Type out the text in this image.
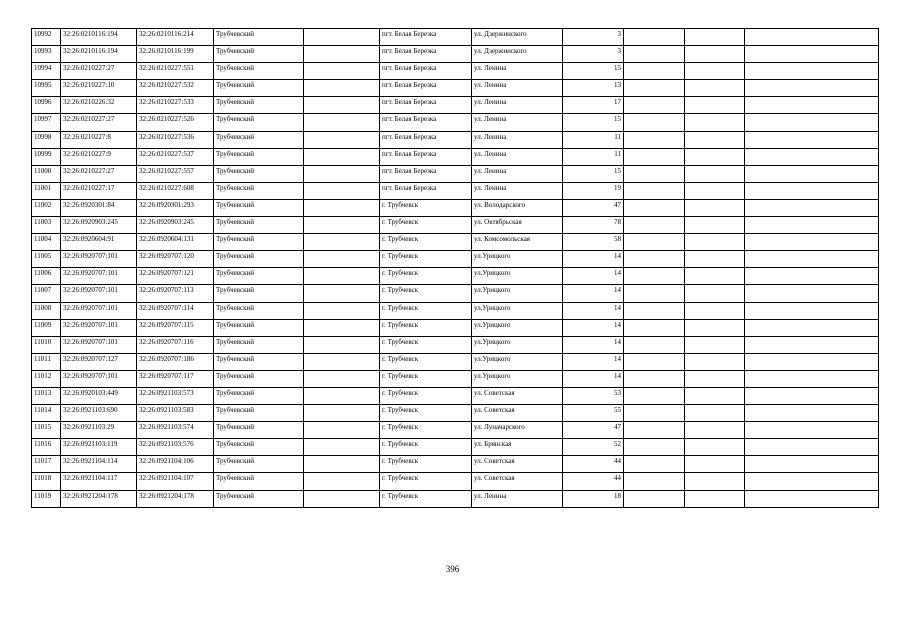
10992	32:26:0210116:194	32:26:0210116:214	Трубчевский		пгт. Белая Березка	ул. Дзержинского	3			
10993	32:26:0210116:194	32:26:0210116:199	Трубчевский		пгт. Белая Березка	ул. Дзержинского	3			
10994	32:26:0210227:27	32:26:0210227:551	Трубчевский		пгт. Белая Березка	ул. Ленина	15			
10995	32:26:0210227:10	32:26:0210227:532	Трубчевский		пгт. Белая Березка	ул. Ленина	13			
10996	32:26:0210226:32	32:26:0210227:533	Трубчевский		пгт. Белая Березка	ул. Ленина	17			
10997	32:26:0210227:27	32:26:0210227:526	Трубчевский		пгт. Белая Березка	ул. Ленина	15			
10998	32:26:0210227:8	32:26:0210227:536	Трубчевский		пгт. Белая Березка	ул. Ленина	11			
10999	32:26:0210227:9	32:26:0210227:537	Трубчевский		пгт. Белая Березка	ул. Ленина	11			
11000	32:26:0210227:27	32:26:0210227:557	Трубчевский		пгт. Белая Березка	ул. Ленина	15			
11001	32:26:0210227:17	32:26:0210227:608	Трубчевский		пгт. Белая Березка	ул. Ленина	19			
11002	32:26:0920301:84	32:26:0920301:293	Трубчевский		г. Трубчевск	ул. Володарского	47			
11003	32:26:0920903:245	32:26:0920903:245	Трубчевский		г. Трубчевск	ул. Октябрьская	78			
11004	32:26:0920604:91	32:26:0920604:131	Трубчевский		г. Трубчевск	ул. Комсомольская	58			
11005	32:26:0920707:101	32:26:0920707:120	Трубчевский		г. Трубчевск	ул.Урицкого	14			
11006	32:26:0920707:101	32:26:0920707:121	Трубчевский		г. Трубчевск	ул.Урицкого	14			
11007	32:26:0920707:101	32:26:0920707:113	Трубчевский		г. Трубчевск	ул.Урицкого	14			
11008	32:26:0920707:101	32:26:0920707:114	Трубчевский		г. Трубчевск	ул.Урицкого	14			
11009	32:26:0920707:101	32:26:0920707:115	Трубчевский		г. Трубчевск	ул.Урицкого	14			
11010	32:26:0920707:101	32:26:0920707:116	Трубчевский		г. Трубчевск	ул.Урицкого	14			
11011	32:26:0920707:127	32:26:0920707:186	Трубчевский		г. Трубчевск	ул.Урицкого	14			
11012	32:26:0920707:101	32:26:0920707:117	Трубчевский		г. Трубчевск	ул.Урицкого	14			
11013	32:26:0920103:449	32:26:0921103:573	Трубчевский		г. Трубчевск	ул. Советская	53			
11014	32:26:0921103:690	32:26:0921103:583	Трубчевский		г. Трубчевск	ул. Советская	55			
11015	32:26:0921103:29	32:26:0921103:574	Трубчевский		г. Трубчевск	ул. Луначарского	47			
11016	32:26:0921103:119	32:26:0921103:576	Трубчевский		г. Трубчевск	ул. Брянская	52			
11017	32:26:0921104:114	32:26:0921104:106	Трубчевский		г. Трубчевск	ул. Советская	44			
11018	32:26:0921104:117	32:26:0921104:107	Трубчевский		г. Трубчевск	ул. Советская	44			
11019	32:26:0921204:178	32:26:0921204:178	Трубчевский		г. Трубчевск	ул. Ленина	18			
396
